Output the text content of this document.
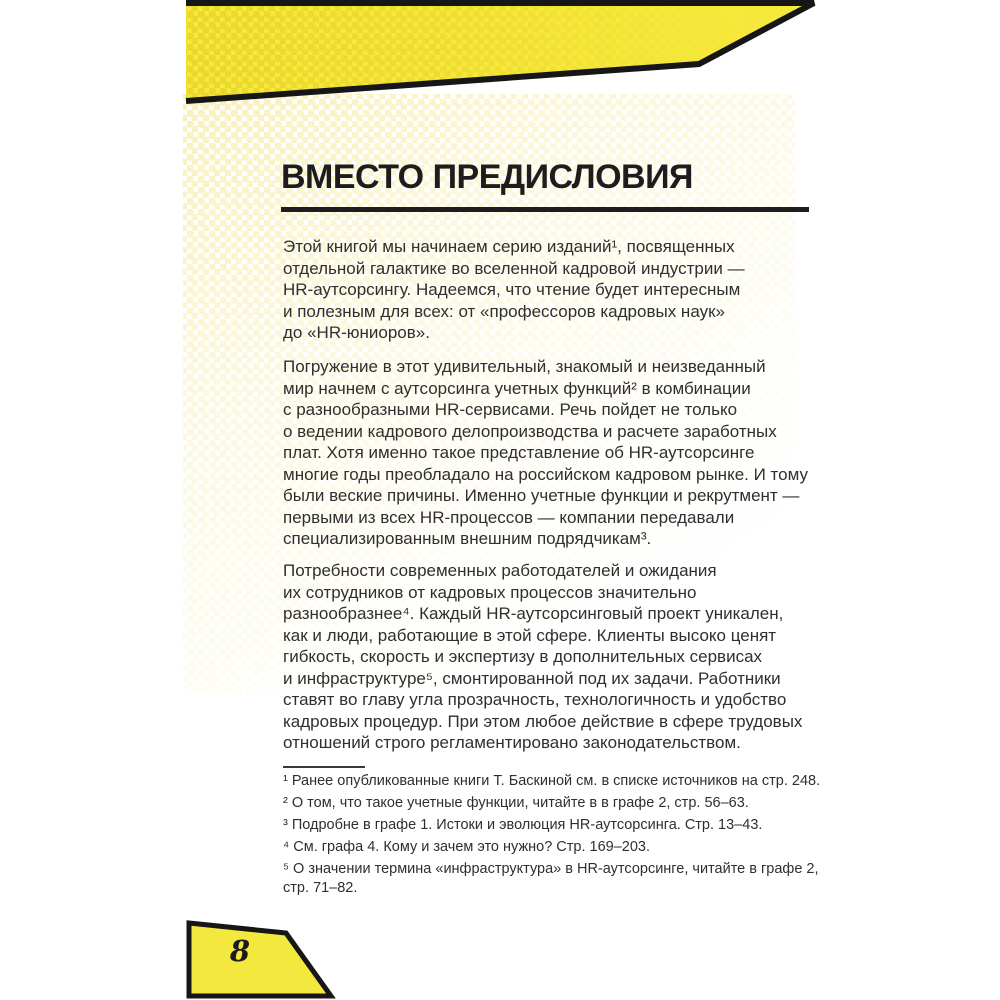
ВМЕСТО ПРЕДИСЛОВИЯ

Этой книгой мы начинаем серию изданий¹, посвященных
отдельной галактике во вселенной кадровой индустрии —
HR-аутсорсингу. Надеемся, что чтение будет интересным
и полезным для всех: от «профессоров кадровых наук»
до «HR-юниоров».

Погружение в этот удивительный, знакомый и неизведанный
мир начнем с аутсорсинга учетных функций² в комбинации
с разнообразными HR-сервисами. Речь пойдет не только
о ведении кадрового делопроизводства и расчете заработных
плат. Хотя именно такое представление об HR-аутсорсинге
многие годы преобладало на российском кадровом рынке. И тому
были веские причины. Именно учетные функции и рекрутмент —
первыми из всех HR-процессов — компании передавали
специализированным внешним подрядчикам³.

Потребности современных работодателей и ожидания
их сотрудников от кадровых процессов значительно
разнообразнее⁴. Каждый HR-аутсорсинговый проект уникален,
как и люди, работающие в этой сфере. Клиенты высоко ценят
гибкость, скорость и экспертизу в дополнительных сервисах
и инфраструктуре⁵, смонтированной под их задачи. Работники
ставят во главу угла прозрачность, технологичность и удобство
кадровых процедур. При этом любое действие в сфере трудовых
отношений строго регламентировано законодательством.

¹ Ранее опубликованные книги Т. Баскиной см. в списке источников на стр. 248.

² О том, что такое учетные функции, читайте в в графе 2, стр. 56–63.

³ Подробне в графе 1. Истоки и эволюция HR-аутсорсинга. Стр. 13–43.

⁴ См. графа 4. Кому и зачем это нужно? Стр. 169–203.

⁵ О значении термина «инфраструктура» в HR-аутсорсинге, читайте в графе 2,
стр. 71–82.

8
